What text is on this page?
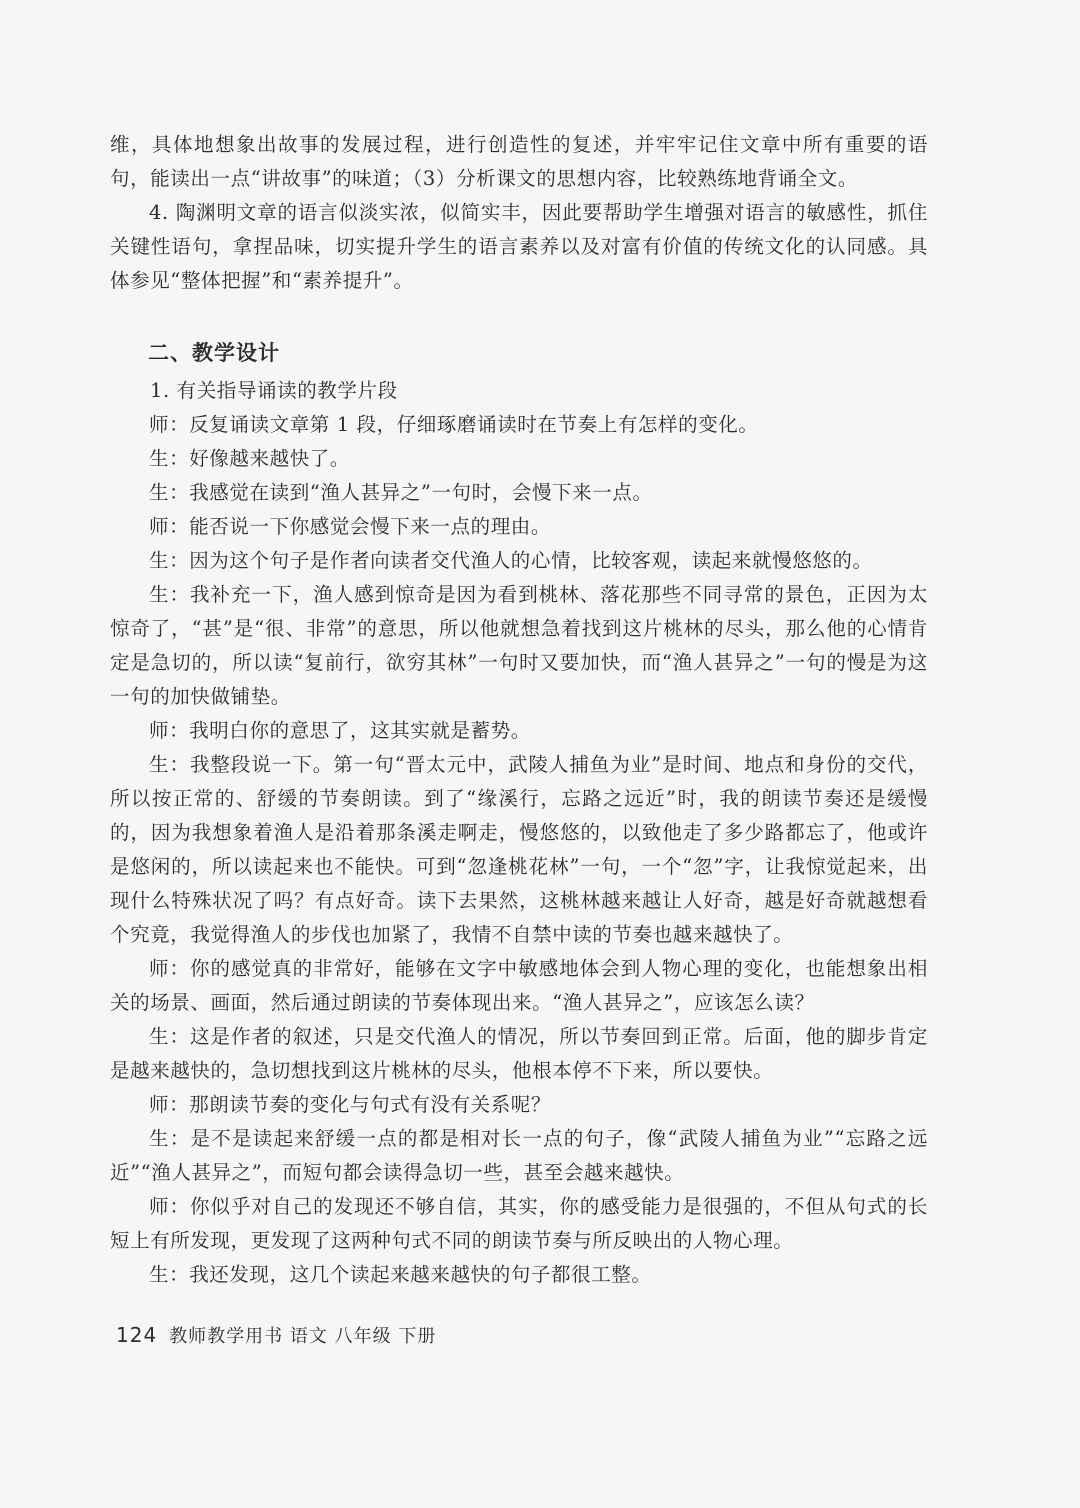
维，具体地想象出故事的发展过程，进行创造性的复述，并牢牢记住文章中所有重要的语句，能读出一点“讲故事”的味道；（3）分析课文的思想内容，比较熟练地背诵全文。

4. 陶渊明文章的语言似淡实浓，似简实丰，因此要帮助学生增强对语言的敏感性，抓住关键性语句，拿捏品味，切实提升学生的语言素养以及对富有价值的传统文化的认同感。具体参见“整体把握”和“素养提升”。

二、教学设计

1. 有关指导诵读的教学片段

师：反复诵读文章第 1 段，仔细琢磨诵读时在节奏上有怎样的变化。

生：好像越来越快了。

生：我感觉在读到“渔人甚异之”一句时，会慢下来一点。

师：能否说一下你感觉会慢下来一点的理由。

生：因为这个句子是作者向读者交代渔人的心情，比较客观，读起来就慢悠悠的。

生：我补充一下，渔人感到惊奇是因为看到桃林、落花那些不同寻常的景色，正因为太惊奇了，“甚”是“很、非常”的意思，所以他就想急着找到这片桃林的尽头，那么他的心情肯定是急切的，所以读“复前行，欲穷其林”一句时又要加快，而“渔人甚异之”一句的慢是为这一句的加快做铺垫。

师：我明白你的意思了，这其实就是蓄势。

生：我整段说一下。第一句“晋太元中，武陵人捕鱼为业”是时间、地点和身份的交代，所以按正常的、舒缓的节奏朗读。到了“缘溪行，忘路之远近”时，我的朗读节奏还是缓慢的，因为我想象着渔人是沿着那条溪走啊走，慢悠悠的，以致他走了多少路都忘了，他或许是悠闲的，所以读起来也不能快。可到“忽逢桃花林”一句，一个“忽”字，让我惊觉起来，出现什么特殊状况了吗？有点好奇。读下去果然，这桃林越来越让人好奇，越是好奇就越想看个究竟，我觉得渔人的步伐也加紧了，我情不自禁中读的节奏也越来越快了。

师：你的感觉真的非常好，能够在文字中敏感地体会到人物心理的变化，也能想象出相关的场景、画面，然后通过朗读的节奏体现出来。“渔人甚异之”，应该怎么读？

生：这是作者的叙述，只是交代渔人的情况，所以节奏回到正常。后面，他的脚步肯定是越来越快的，急切想找到这片桃林的尽头，他根本停不下来，所以要快。

师：那朗读节奏的变化与句式有没有关系呢？

生：是不是读起来舒缓一点的都是相对长一点的句子，像“武陵人捕鱼为业”“忘路之远近”“渔人甚异之”，而短句都会读得急切一些，甚至会越来越快。

师：你似乎对自己的发现还不够自信，其实，你的感受能力是很强的，不但从句式的长短上有所发现，更发现了这两种句式不同的朗读节奏与所反映出的人物心理。

生：我还发现，这几个读起来越来越快的句子都很工整。

124 教师教学用书 语文 八年级 下册
